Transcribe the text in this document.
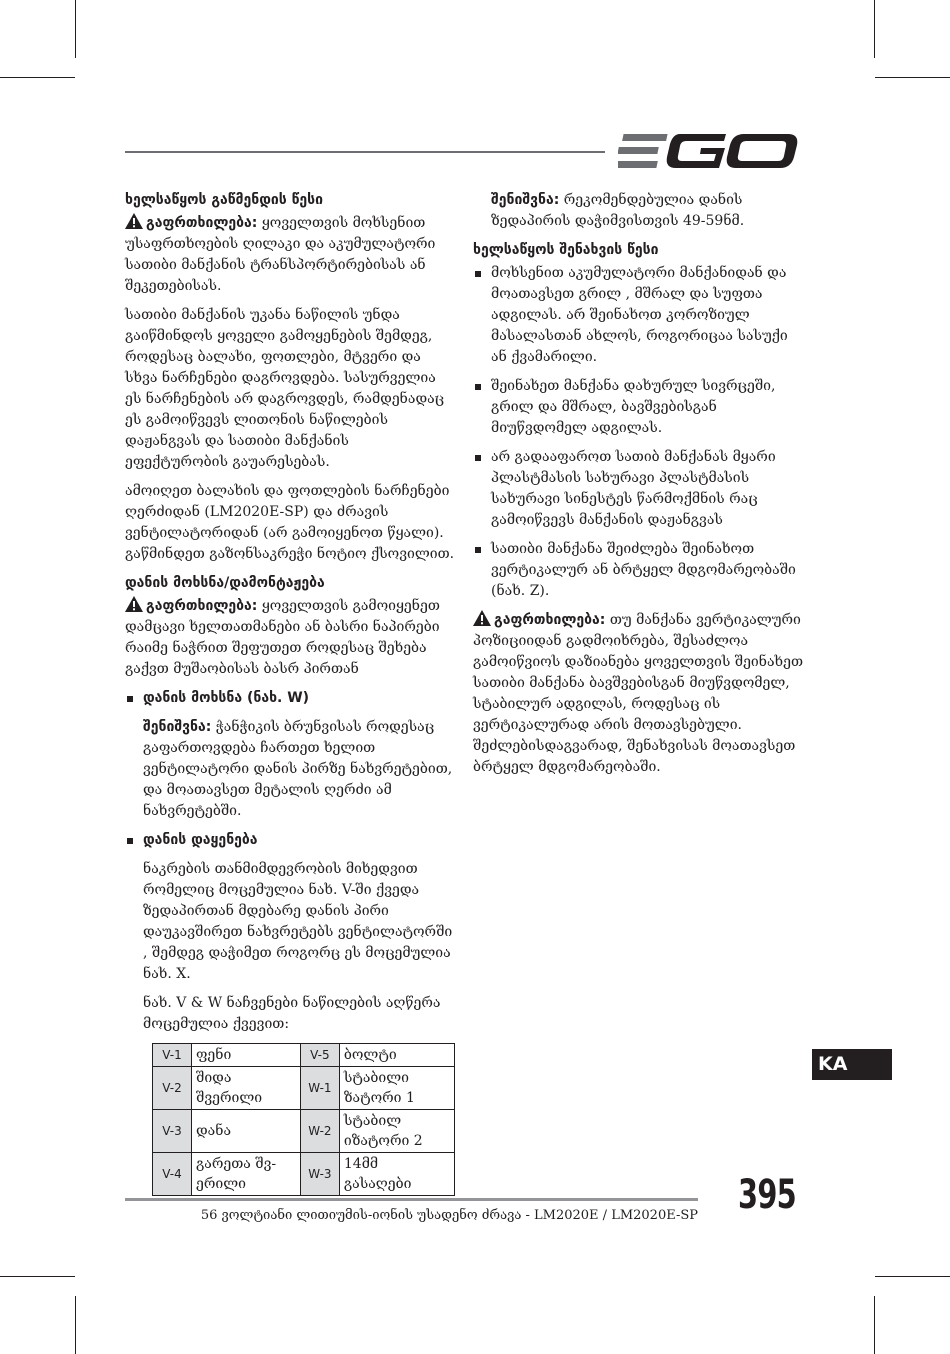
EGO
ხელსაწყოს გაწმენდის წესი

გაფრთხილება: ყოველთვის მოხსენით უსაფრთხოების ღილაკი და აკუმულატორი სათიბი მანქანის ტრანსპორტირებისას ან შეკეთებისას.

სათიბი მანქანის უკანა ნაწილის უნდა გაიწმინდოს ყოველი გამოყენების შემდეგ, როდესაც ბალახი, ფოთლები, მტვერი და სხვა ნარჩენები დაგროვდება. სასურველია ეს ნარჩენების არ დაგროვდეს, რამდენადაც ეს გამოიწვევს ლითონის ნაწილების დაჟანგვას და სათიბი მანქანის ეფექტურობის გაუარესებას.

ამოიღეთ ბალახის და ფოთლების ნარჩენები ღერძიდან (LM2020E-SP) და ძრავის ვენტილატორიდან (არ გამოიყენოთ წყალი). გაწმინდეთ გაზონსაკრეჭი ნოტიო ქსოვილით.

დანის მოხსნა/დამონტაჟება

გაფრთხილება: ყოველთვის გამოიყენეთ დამცავი ხელთათმანები ან ბასრი ნაპირები რაიმე ნაჭრით შეფუთეთ როდესაც შეხება გაქვთ მუშაობისას ბასრ პირთან

დანის მოხსნა (ნახ. W)

შენიშვნა: ჭანჭიკის ბრუნვისას როდესაც გაფართოვდება ჩართეთ ხელით ვენტილატორი დანის პირზე ნახვრეტებით, და მოათავსეთ მეტალის ღერძი ამ ნახვრეტებში.

დანის დაყენება

ნაკრების თანმიმდევრობის მიხედვით რომელიც მოცემულია ნახ. V-ში ქვედა ზედაპირთან მდებარე დანის პირი დაუკავშირეთ ნახვრეტებს ვენტილატორში , შემდეგ დაჭიმეთ როგორც ეს მოცემულია ნახ. X.

ნახ. V & W ნაჩვენები ნაწილების აღწერა მოცემულია ქვევით:

V-1	ფენი	V-5	ბოლტი
V-2	შიდა შვერილი	W-1	სტაბილი ზატორი 1
V-3	დანა	W-2	სტაბილ იზატორი 2
V-4	გარეთა შვ-ერილი	W-3	14მმ გასაღები

შენიშვნა: რეკომენდებულია დანის ზედაპირის დაჭიმვისთვის 49-59ნმ.

ხელსაწყოს შენახვის წესი
მოხსენით აკუმულატორი მანქანიდან და მოათავსეთ გრილ , მშრალ და სუფთა ადგილას. არ შეინახოთ კოროზიულ მასალასთან ახლოს, როგორიცაა სასუქი ან ქვამარილი.
შეინახეთ მანქანა დახურულ სივრცეში, გრილ და მშრალ, ბავშვებისგან მიუწვდომელ ადგილას.
არ გადააფაროთ სათიბ მანქანას მყარი პლასტმასის სახურავი პლასტმასის სახურავი სინესტეს წარმოქმნის რაც გამოიწვევს მანქანის დაჟანგვას
სათიბი მანქანა შეიძლება შეინახოთ ვერტიკალურ ან ბრტყელ მდგომარეობაში (ნახ. Z).

გაფრთხილება: თუ მანქანა ვერტიკალური პოზიციიდან გადმოიხრება, შესაძლოა გამოიწვიოს დაზიანება ყოველთვის შეინახეთ სათიბი მანქანა ბავშვებისგან მიუწვდომელ, სტაბილურ ადგილას, როდესაც ის ვერტიკალურად არის მოთავსებული. შეძლებისდაგვარად, შენახვისას მოათავსეთ ბრტყელ მდგომარეობაში.

KA
56 ვოლტიანი ლითიუმის-იონის უსადენო ძრავა - LM2020E / LM2020E-SP 395
